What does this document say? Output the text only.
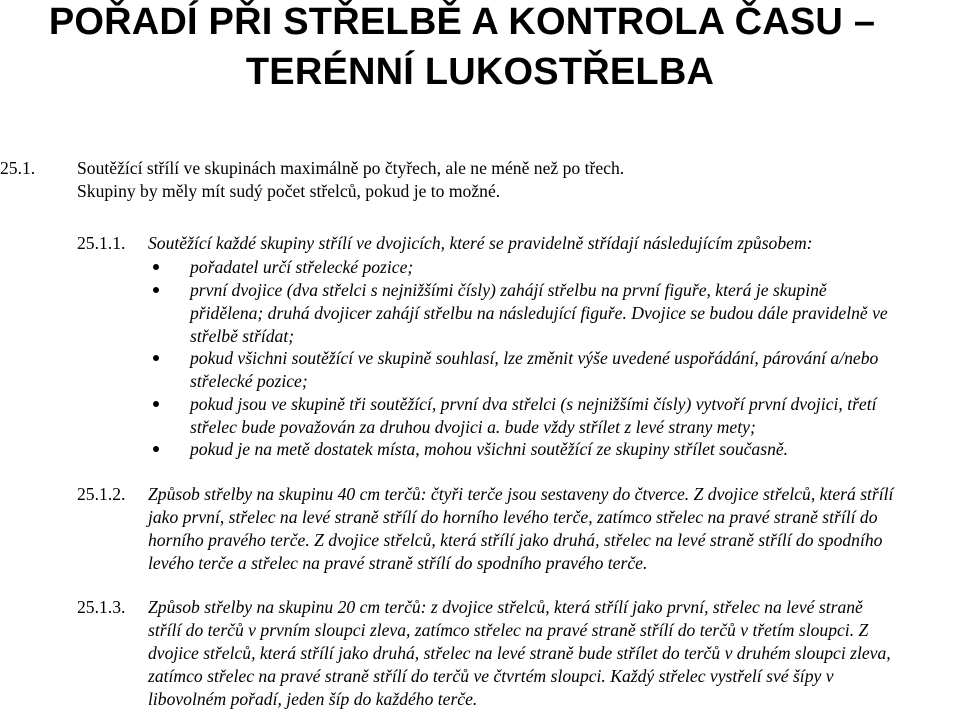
POŘADÍ PŘI STŘELBĚ A KONTROLA ČASU –
TERÉNNÍ LUKOSTŘELBA
25.1. Soutěžící střílí ve skupinách maximálně po čtyřech, ale ne méně než po třech.
Skupiny by měly mít sudý počet střelců, pokud je to možné.
25.1.1. Soutěžící každé skupiny střílí ve dvojicích, které se pravidelně střídají následujícím způsobem:
pořadatel určí střelecké pozice;
první dvojice (dva střelci s nejnižšími čísly) zahájí střelbu na první figuře, která je skupině
přidělena; druhá dvojicer zahájí střelbu na následující figuře. Dvojice se budou dále pravidelně ve
střelbě střídat;
pokud všichni soutěžící ve skupině souhlasí, lze změnit výše uvedené uspořádání, párování a/nebo
střelecké pozice;
pokud jsou ve skupině tři soutěžící, první dva střelci (s nejnižšími čísly) vytvoří první dvojici, třetí
střelec bude považován za druhou dvojici a. bude vždy střílet z levé strany mety;
pokud je na metě dostatek místa, mohou všichni soutěžící ze skupiny střílet současně.
25.1.2. Způsob střelby na skupinu 40 cm terčů: čtyři terče jsou sestaveny do čtverce. Z dvojice střelců, která střílí
jako první, střelec na levé straně střílí do horního levého terče, zatímco střelec na pravé straně střílí do
horního pravého terče. Z dvojice střelců, která střílí jako druhá, střelec na levé straně střílí do spodního
levého terče a střelec na pravé straně střílí do spodního pravého terče.
25.1.3. Způsob střelby na skupinu 20 cm terčů: z dvojice střelců, která střílí jako první, střelec na levé straně
střílí do terčů v prvním sloupci zleva, zatímco střelec na pravé straně střílí do terčů v třetím sloupci. Z
dvojice střelců, která střílí jako druhá, střelec na levé straně bude střílet do terčů v druhém sloupci zleva,
zatímco střelec na pravé straně střílí do terčů ve čtvrtém sloupci. Každý střelec vystřelí své šípy v
libovolném pořadí, jeden šíp do každého terče.
